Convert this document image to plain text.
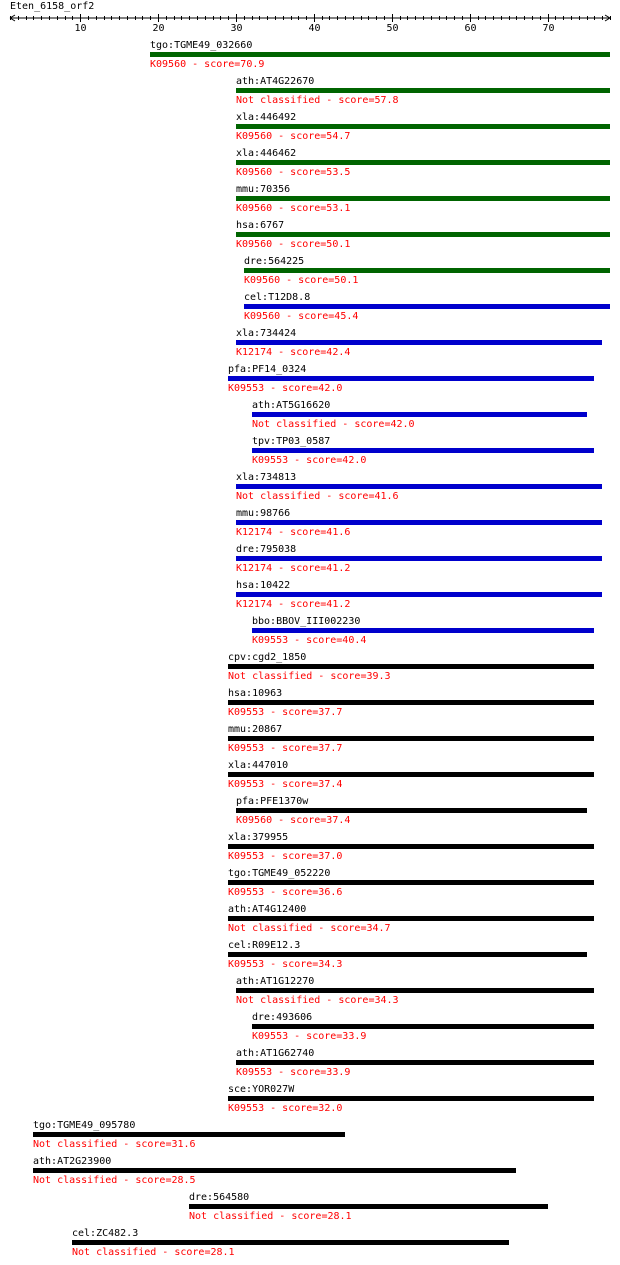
Eten_6158_orf2
10	20	30	40	50	60	70
tgo:TGME49_032660
K09560 - score=70.9
ath:AT4G22670
Not classified - score=57.8
xla:446492
K09560 - score=54.7
xla:446462
K09560 - score=53.5
mmu:70356
K09560 - score=53.1
hsa:6767
K09560 - score=50.1
dre:564225
K09560 - score=50.1
cel:T12D8.8
K09560 - score=45.4
xla:734424
K12174 - score=42.4
pfa:PF14_0324
K09553 - score=42.0
ath:AT5G16620
Not classified - score=42.0
tpv:TP03_0587
K09553 - score=42.0
xla:734813
Not classified - score=41.6
mmu:98766
K12174 - score=41.6
dre:795038
K12174 - score=41.2
hsa:10422
K12174 - score=41.2
bbo:BBOV_III002230
K09553 - score=40.4
cpv:cgd2_1850
Not classified - score=39.3
hsa:10963
K09553 - score=37.7
mmu:20867
K09553 - score=37.7
xla:447010
K09553 - score=37.4
pfa:PFE1370w
K09560 - score=37.4
xla:379955
K09553 - score=37.0
tgo:TGME49_052220
K09553 - score=36.6
ath:AT4G12400
Not classified - score=34.7
cel:R09E12.3
K09553 - score=34.3
ath:AT1G12270
Not classified - score=34.3
dre:493606
K09553 - score=33.9
ath:AT1G62740
K09553 - score=33.9
sce:YOR027W
K09553 - score=32.0
tgo:TGME49_095780
Not classified - score=31.6
ath:AT2G23900
Not classified - score=28.5
dre:564580
Not classified - score=28.1
cel:ZC482.3
Not classified - score=28.1
